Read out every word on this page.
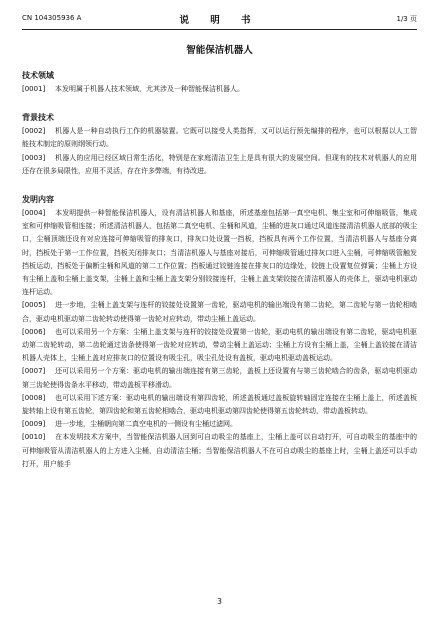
CN 104305936 A	说 明 书	1/3 页
智能保洁机器人
技术领域

[0001] 本发明属于机器人技术领域，尤其涉及一种智能保洁机器人。

背景技术

[0002] 机器人是一种自动执行工作的机器装置。它既可以接受人类指挥，又可以运行预先编排的程序，也可以根据以人工智能技术制定的原则纲领行动。

[0003] 机器人的应用已经区域日常生活化，特别是在家庭清洁卫生上是具有很大的发展空间。但现有的技术对机器人的应用还存在很多局限性，应用不灵活，存在许多弊端，有待改进。

发明内容

[0004] 本发明提供一种智能保洁机器人，设有清洁机器人和基座，所述基座包括第一真空电机、集尘室和可伸缩吸管，集成室和可伸缩吸管相连接；所述清洁机器人，包括第二真空电机、尘桶和风道，尘桶的进灰口通过风道连接清洁机器人底部的吸尘口，尘桶顶端还设有对应连接可伸缩吸管的排灰口，排灰口处设置一挡板，挡板具有两个工作位置，当清洁机器人与基座分离时，挡板处于第一工作位置，挡板关闭排灰口；当清洁机器人与基座对接后，可伸缩吸管通过排灰口进入尘桶，可伸缩吸管触发挡板运动，挡板处于偏断尘桶和风道的第二工作位置；挡板通过铰链连接在排灰口的边缘处，铰链上设置复位弹簧；尘桶上方设有尘桶上盖和尘桶上盖支架，尘桶上盖和尘桶上盖支架分别铰接连杆，尘桶上盖支架铰接在清洁机器人的壳体上，驱动电机驱动连杆运动。

[0005] 进一步地，尘桶上盖支架与连杆的铰接处设置第一齿轮，驱动电机的输出端设有第二齿轮，第二齿轮与第一齿轮相啮合，驱动电机驱动第二齿轮转动使得第一齿轮对应转动，带动尘桶上盖运动。

[0006] 也可以采用另一个方案：尘桶上盖支架与连杆的铰接处设置第一齿轮，驱动电机的输出端设有第二齿轮，驱动电机驱动第二齿轮转动，第二齿轮通过齿条使得第一齿轮对应转动，带动尘桶上盖运动；尘桶上方设有尘桶上盖，尘桶上盖铰接在清洁机器人壳体上，尘桶上盖对应排灰口的位置设有吸尘孔，吸尘孔处设有盖板，驱动电机驱动盖板运动。

[0007] 还可以采用另一个方案：驱动电机的输出端连接有第三齿轮，盖板上还设置有与第三齿轮啮合的齿条，驱动电机驱动第三齿轮使得齿条水平移动，带动盖板平移滑动。

[0008] 也可以采用下述方案：驱动电机的输出端设有第四齿轮，所述盖板通过盖板旋转轴固定连接在尘桶上盖上，所述盖板旋转轴上设有第五齿轮，第四齿轮和第五齿轮相啮合，驱动电机驱动第四齿轮使得第五齿轮转动，带动盖板转动。

[0009] 进一步地，尘桶朝向第二真空电机的一侧设有尘桶过滤网。

[0010] 在本发明技术方案中，当智能保洁机器人回到可自动吸尘的基座上，尘桶上盖可以自动打开，可自动吸尘的基座中的可伸缩吸管从清洁机器人的上方进入尘桶，自动清洁尘桶；当智能保洁机器人不在可自动吸尘的基座上时，尘桶上盖还可以手动打开，用户能手

3
